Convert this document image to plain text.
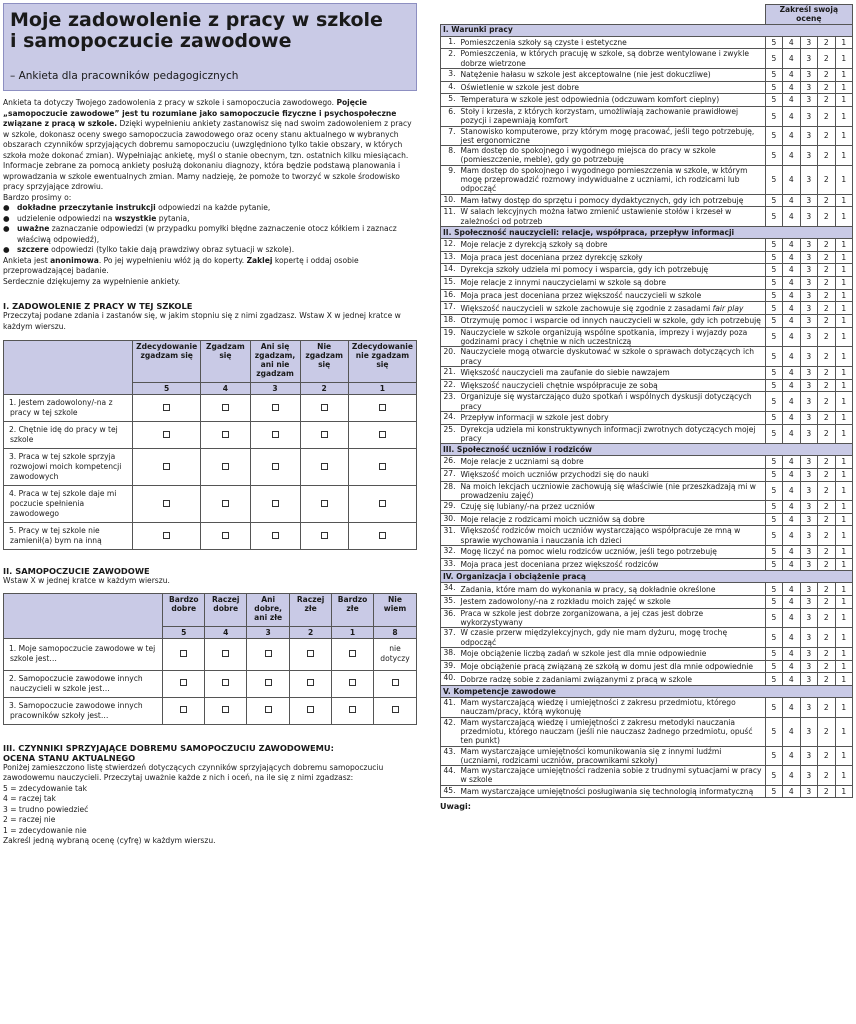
Moje zadowolenie z pracy w szkole
i samopoczucie zawodowe
– Ankieta dla pracowników pedagogicznych
Ankieta ta dotyczy Twojego zadowolenia z pracy w szkole i samopoczucia zawodowego. Pojęcie „samopoczucie zawodowe” jest tu rozumiane jako samopoczucie fizyczne i psychospołeczne związane z pracą w szkole. Dzięki wypełnieniu ankiety zastanowisz się nad swoim zadowoleniem z pracy w szkole, dokonasz oceny swego samopoczucia zawodowego oraz oceny stanu aktualnego w wybranych obszarach czynników sprzyjających dobremu samopoczuciu (uwzględniono tylko takie obszary, w których szkoła może dokonać zmian). Wypełniając ankietę, myśl o stanie obecnym, tzn. ostatnich kilku miesiącach.
Informacje zebrane za pomocą ankiety posłużą dokonaniu diagnozy, która będzie podstawą planowania i wprowadzania w szkole ewentualnych zmian. Mamy nadzieję, że pomoże to tworzyć w szkole środowisko pracy sprzyjające zdrowiu.
Bardzo prosimy o:
● dokładne przeczytanie instrukcji odpowiedzi na każde pytanie,
● udzielenie odpowiedzi na wszystkie pytania,
● uważne zaznaczanie odpowiedzi (w przypadku pomyłki błędne zaznaczenie otocz kółkiem i zaznacz właściwą odpowiedź),
● szczere odpowiedzi (tylko takie dają prawdziwy obraz sytuacji w szkole).
Ankieta jest anonimowa. Po jej wypełnieniu włóż ją do koperty. Zaklej kopertę i oddaj osobie przeprowadzającej badanie.
Serdecznie dziękujemy za wypełnienie ankiety.
I. ZADOWOLENIE Z PRACY W TEJ SZKOLE
Przeczytaj podane zdania i zastanów się, w jakim stopniu się z nimi zgadzasz. Wstaw X w jednej kratce w każdym wierszu.
	Zdecydowanie zgadzam się	Zgadzam się	Ani się zgadzam, ani nie zgadzam	Nie zgadzam się	Zdecydowanie nie zgadzam się
	5	4	3	2	1
1. Jestem zadowolony/-na z pracy w tej szkole					
2. Chętnie idę do pracy w tej szkole					
3. Praca w tej szkole sprzyja rozwojowi moich kompetencji zawodowych					
4. Praca w tej szkole daje mi poczucie spełnienia zawodowego					
5. Pracy w tej szkole nie zamienił(a) bym na inną					
II. SAMOPOCZUCIE ZAWODOWE
Wstaw X w jednej kratce w każdym wierszu.
	Bardzo dobre	Raczej dobre	Ani dobre, ani złe	Raczej złe	Bardzo złe	Nie wiem
	5	4	3	2	1	8
1. Moje samopoczucie zawodowe w tej szkole jest…						nie dotyczy
2. Samopoczucie zawodowe innych nauczycieli w szkole jest…						
3. Samopoczucie zawodowe innych pracowników szkoły jest…						
III. CZYNNIKI SPRZYJAJĄCE DOBREMU SAMOPOCZUCIU ZAWODOWEMU:
OCENA STANU AKTUALNEGO
Poniżej zamieszczono listę stwierdzeń dotyczących czynników sprzyjających dobremu samopoczuciu zawodowemu nauczycieli. Przeczytaj uważnie każde z nich i oceń, na ile się z nimi zgadzasz:
5 = zdecydowanie tak
4 = raczej tak
3 = trudno powiedzieć
2 = raczej nie
1 = zdecydowanie nie
Zakreśl jedną wybraną ocenę (cyfrę) w każdym wierszu.
		Zakreśl swoją ocenę				
I. Warunki pracy						
1.	Pomieszczenia szkoły są czyste i estetyczne	5	4	3	2	1
2.	Pomieszczenia, w których pracuję w szkole, są dobrze wentylowane i zwykle dobrze wietrzone	5	4	3	2	1
3.	Natężenie hałasu w szkole jest akceptowalne (nie jest dokuczliwe)	5	4	3	2	1
4.	Oświetlenie w szkole jest dobre	5	4	3	2	1
5.	Temperatura w szkole jest odpowiednia (odczuwam komfort cieplny)	5	4	3	2	1
6.	Stoły i krzesła, z których korzystam, umożliwiają zachowanie prawidłowej pozycji i zapewniają komfort	5	4	3	2	1
7.	Stanowisko komputerowe, przy którym mogę pracować, jeśli tego potrzebuję, jest ergonomiczne	5	4	3	2	1
8.	Mam dostęp do spokojnego i wygodnego miejsca do pracy w szkole (pomieszczenie, meble), gdy go potrzebuję	5	4	3	2	1
9.	Mam dostęp do spokojnego i wygodnego pomieszczenia w szkole, w którym mogę przeprowadzić rozmowy indywidualne z uczniami, ich rodzicami lub odpocząć	5	4	3	2	1
10.	Mam łatwy dostęp do sprzętu i pomocy dydaktycznych, gdy ich potrzebuję	5	4	3	2	1
11.	W salach lekcyjnych można łatwo zmienić ustawienie stołów i krzeseł w zależności od potrzeb	5	4	3	2	1
II. Społeczność nauczycieli: relacje, współpraca, przepływ informacji						
12.	Moje relacje z dyrekcją szkoły są dobre	5	4	3	2	1
13.	Moja praca jest doceniana przez dyrekcję szkoły	5	4	3	2	1
14.	Dyrekcja szkoły udziela mi pomocy i wsparcia, gdy ich potrzebuję	5	4	3	2	1
15.	Moje relacje z innymi nauczycielami w szkole są dobre	5	4	3	2	1
16.	Moja praca jest doceniana przez większość nauczycieli w szkole	5	4	3	2	1
17.	Większość nauczycieli w szkole zachowuje się zgodnie z zasadami fair play	5	4	3	2	1
18.	Otrzymuję pomoc i wsparcie od innych nauczycieli w szkole, gdy ich potrzebuję	5	4	3	2	1
19.	Nauczyciele w szkole organizują wspólne spotkania, imprezy i wyjazdy poza godzinami pracy i chętnie w nich uczestniczą	5	4	3	2	1
20.	Nauczyciele mogą otwarcie dyskutować w szkole o sprawach dotyczących ich pracy	5	4	3	2	1
21.	Większość nauczycieli ma zaufanie do siebie nawzajem	5	4	3	2	1
22.	Większość nauczycieli chętnie współpracuje ze sobą	5	4	3	2	1
23.	Organizuje się wystarczająco dużo spotkań i wspólnych dyskusji dotyczących pracy	5	4	3	2	1
24.	Przepływ informacji w szkole jest dobry	5	4	3	2	1
25.	Dyrekcja udziela mi konstruktywnych informacji zwrotnych dotyczących mojej pracy	5	4	3	2	1
III. Społeczność uczniów i rodziców						
26.	Moje relacje z uczniami są dobre	5	4	3	2	1
27.	Większość moich uczniów przychodzi się do nauki	5	4	3	2	1
28.	Na moich lekcjach uczniowie zachowują się właściwie (nie przeszkadzają mi w prowadzeniu zajęć)	5	4	3	2	1
29.	Czuję się lubiany/-na przez uczniów	5	4	3	2	1
30.	Moje relacje z rodzicami moich uczniów są dobre	5	4	3	2	1
31.	Większość rodziców moich uczniów wystarczająco współpracuje ze mną w sprawie wychowania i nauczania ich dzieci	5	4	3	2	1
32.	Mogę liczyć na pomoc wielu rodziców uczniów, jeśli tego potrzebuję	5	4	3	2	1
33.	Moja praca jest doceniana przez większość rodziców	5	4	3	2	1
IV. Organizacja i obciążenie pracą						
34.	Zadania, które mam do wykonania w pracy, są dokładnie określone	5	4	3	2	1
35.	Jestem zadowolony/-na z rozkładu moich zajęć w szkole	5	4	3	2	1
36.	Praca w szkole jest dobrze zorganizowana, a jej czas jest dobrze wykorzystywany	5	4	3	2	1
37.	W czasie przerw międzylekcyjnych, gdy nie mam dyżuru, mogę trochę odpocząć	5	4	3	2	1
38.	Moje obciążenie liczbą zadań w szkole jest dla mnie odpowiednie	5	4	3	2	1
39.	Moje obciążenie pracą związaną ze szkołą w domu jest dla mnie odpowiednie	5	4	3	2	1
40.	Dobrze radzę sobie z zadaniami związanymi z pracą w szkole	5	4	3	2	1
V. Kompetencje zawodowe						
41.	Mam wystarczającą wiedzę i umiejętności z zakresu przedmiotu, którego nauczam/pracy, którą wykonuję	5	4	3	2	1
42.	Mam wystarczającą wiedzę i umiejętności z zakresu metodyki nauczania przedmiotu, którego nauczam (jeśli nie nauczasz żadnego przedmiotu, opuść ten punkt)	5	4	3	2	1
43.	Mam wystarczające umiejętności komunikowania się z innymi ludźmi (uczniami, rodzicami uczniów, pracownikami szkoły)	5	4	3	2	1
44.	Mam wystarczające umiejętności radzenia sobie z trudnymi sytuacjami w pracy w szkole	5	4	3	2	1
45.	Mam wystarczające umiejętności posługiwania się technologią informatyczną	5	4	3	2	1
Uwagi:
